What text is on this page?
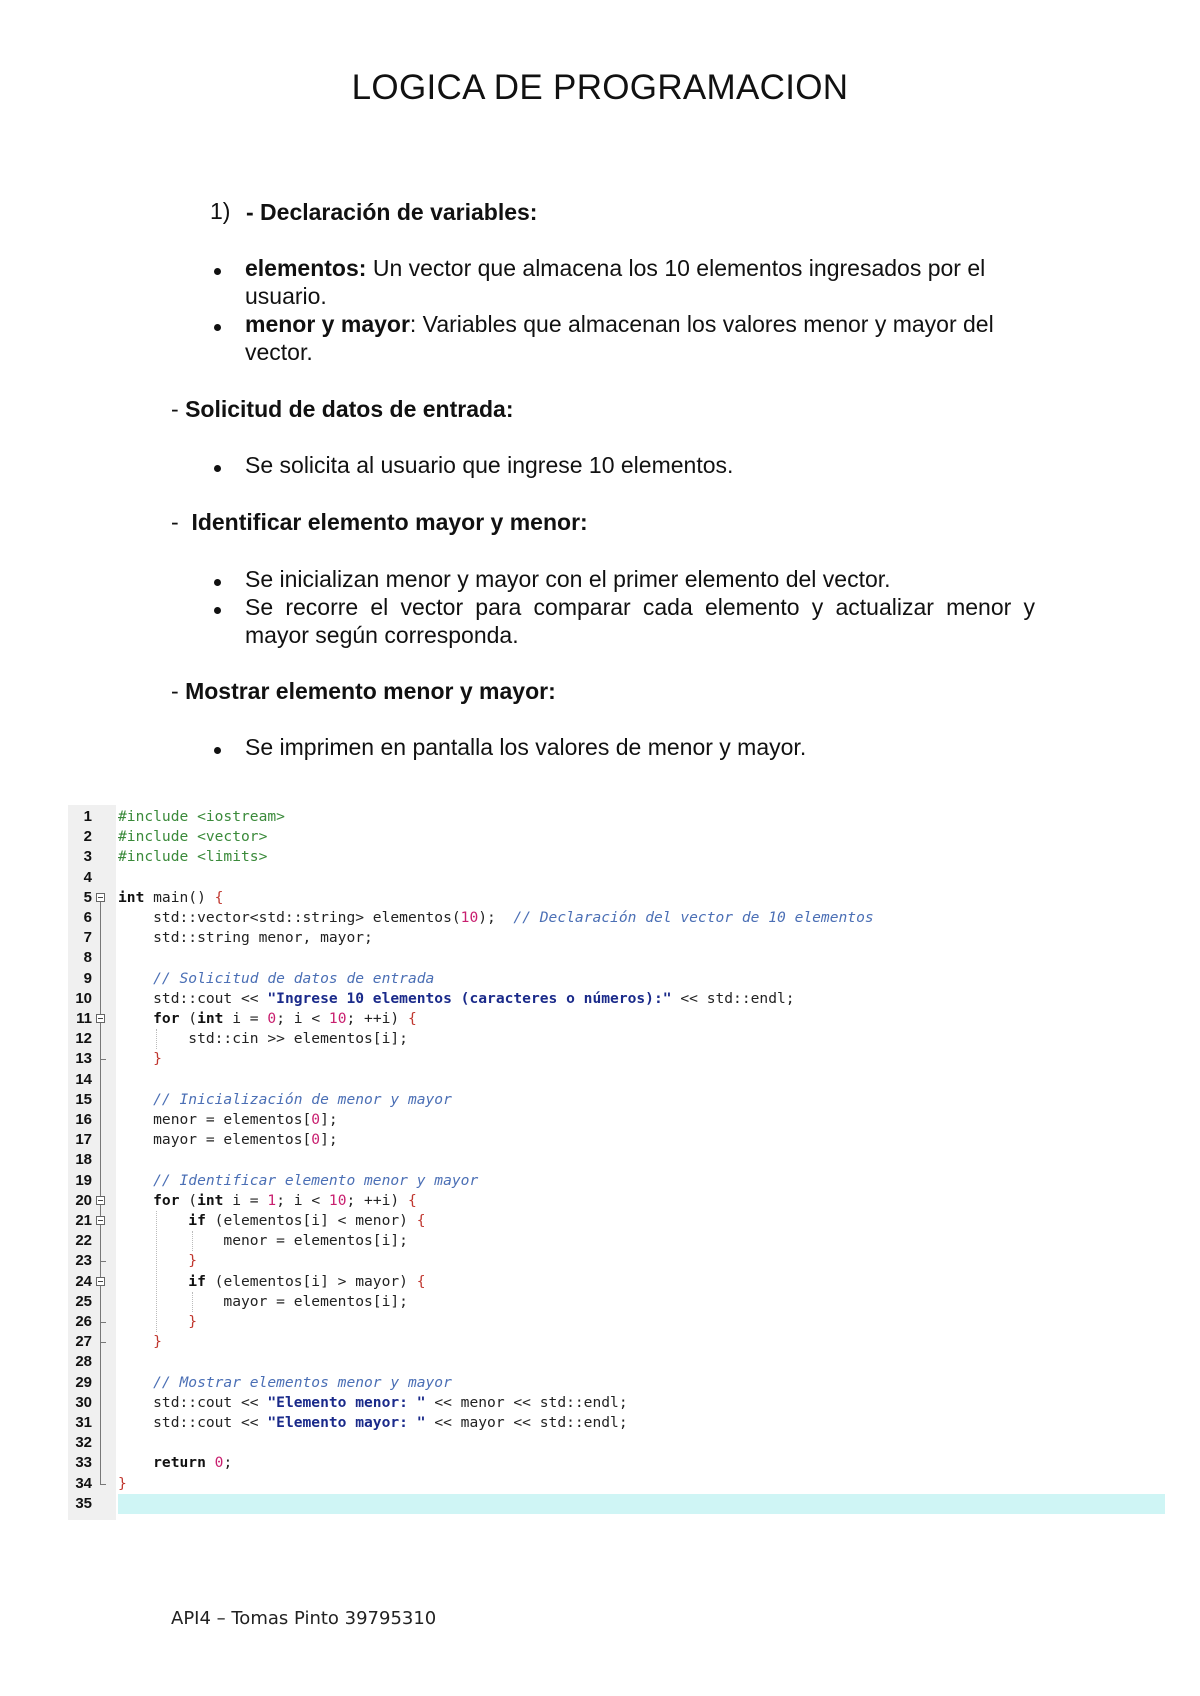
LOGICA DE PROGRAMACION
1) - Declaración de variables:
elementos: Un vector que almacena los 10 elementos ingresados por el usuario.
menor y mayor: Variables que almacenan los valores menor y mayor del vector.
- Solicitud de datos de entrada:
Se solicita al usuario que ingrese 10 elementos.
-  Identificar elemento mayor y menor:
Se inicializan menor y mayor con el primer elemento del vector.
Se recorre el vector para comparar cada elemento y actualizar menor y mayor según corresponda.
- Mostrar elemento menor y mayor:
Se imprimen en pantalla los valores de menor y mayor.
1
2
3
4
5
6
7
8
9
10
11
12
13
14
15
16
17
18
19
20
21
22
23
24
25
26
27
28
29
30
31
32
33
34
35
#include <iostream>
#include <vector>
#include <limits>
int main() {
std::vector<std::string> elementos(10);  // Declaración del vector de 10 elementos
std::string menor, mayor;
// Solicitud de datos de entrada
std::cout << "Ingrese 10 elementos (caracteres o números):" << std::endl;
for (int i = 0; i < 10; ++i) {
std::cin >> elementos[i];
}
// Inicialización de menor y mayor
menor = elementos[0];
mayor = elementos[0];
// Identificar elemento menor y mayor
for (int i = 1; i < 10; ++i) {
if (elementos[i] < menor) {
menor = elementos[i];
}
if (elementos[i] > mayor) {
mayor = elementos[i];
}
}
// Mostrar elementos menor y mayor
std::cout << "Elemento menor: " << menor << std::endl;
std::cout << "Elemento mayor: " << mayor << std::endl;
return 0;
}
API4 – Tomas Pinto 39795310
